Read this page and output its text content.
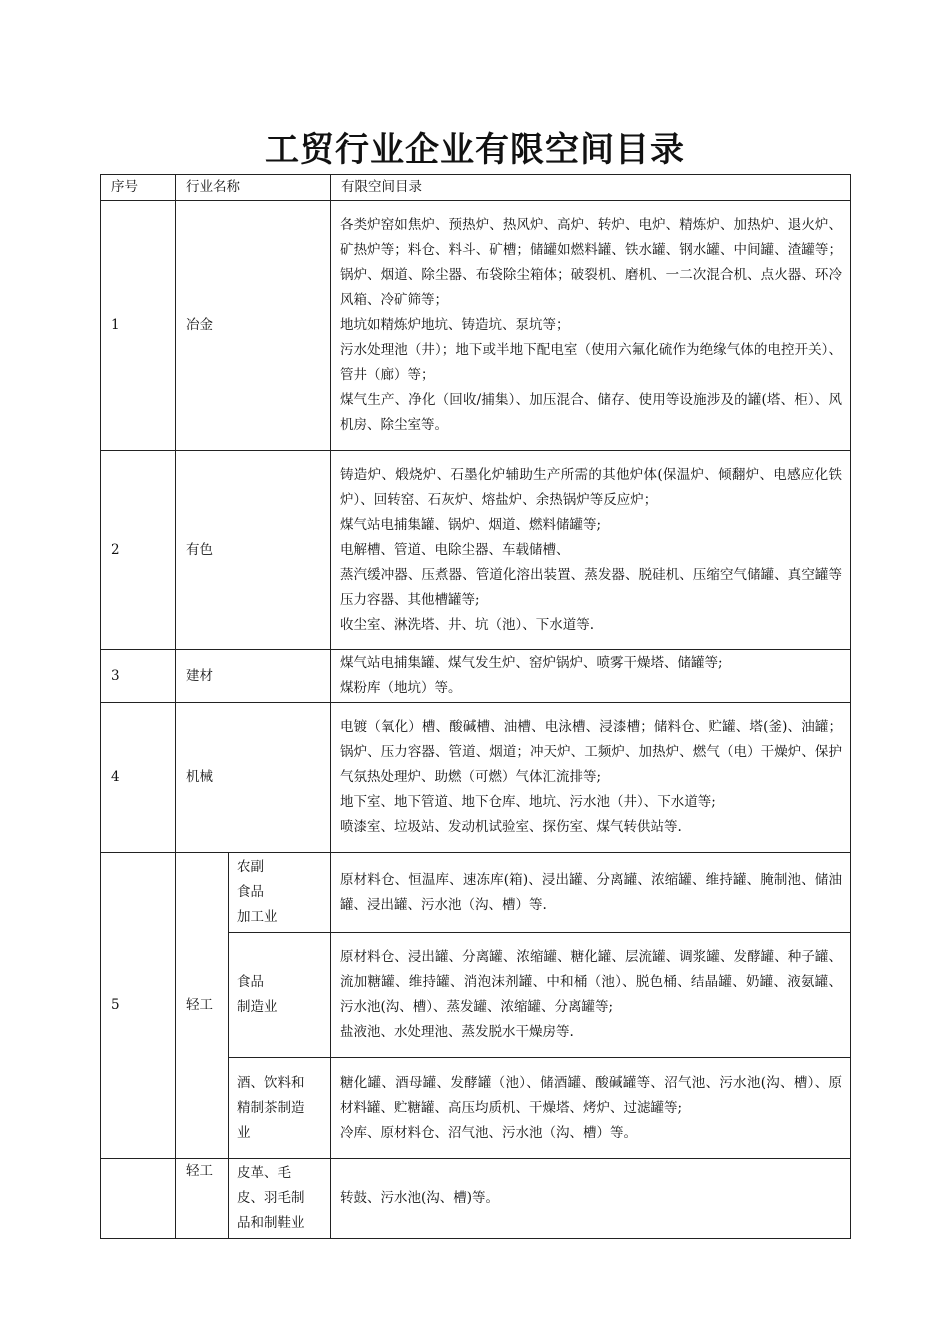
工贸行业企业有限空间目录
序号	行业名称		有限空间目录
1	冶金		各类炉窑如焦炉、预热炉、热风炉、高炉、转炉、电炉、精炼炉、加热炉、退火炉、矿热炉等；料仓、料斗、矿槽；储罐如燃料罐、铁水罐、钢水罐、中间罐、渣罐等；锅炉、烟道、除尘器、布袋除尘箱体；破裂机、磨机、一二次混合机、点火器、环冷风箱、冷矿筛等；
地坑如精炼炉地坑、铸造坑、泵坑等；
污水处理池（井）；地下或半地下配电室（使用六氟化硫作为绝缘气体的电控开关）、管井（廊）等；
煤气生产、净化（回收/捕集）、加压混合、储存、使用等设施涉及的罐(塔、柜）、风机房、除尘室等。

2	有色		铸造炉、煅烧炉、石墨化炉辅助生产所需的其他炉体(保温炉、倾翻炉、电感应化铁炉）、回转窑、石灰炉、熔盐炉、余热锅炉等反应炉；
煤气站电捕集罐、锅炉、烟道、燃料储罐等;
电解槽、管道、电除尘器、车载储槽、
蒸汽缓冲器、压煮器、管道化溶出装置、蒸发器、脱硅机、压缩空气储罐、真空罐等压力容器、其他槽罐等;
收尘室、淋洗塔、井、坑（池）、下水道等.

3	建材		煤气站电捕集罐、煤气发生炉、窑炉锅炉、喷雾干燥塔、储罐等;
煤粉库（地坑）等。

4	机械		电镀（氧化）槽、酸碱槽、油槽、电泳槽、浸漆槽；储料仓、贮罐、塔(釜)、油罐；锅炉、压力容器、管道、烟道；冲天炉、工频炉、加热炉、燃气（电）干燥炉、保护气氛热处理炉、助燃（可燃）气体汇流排等;
地下室、地下管道、地下仓库、地坑、污水池（井）、下水道等;
喷漆室、垃圾站、发动机试验室、探伤室、煤气转供站等.

5	轻工	农副
食品
加工业	原材料仓、恒温库、速冻库(箱)、浸出罐、分离罐、浓缩罐、维持罐、腌制池、储油罐、浸出罐、污水池（沟、槽）等.

		食品
制造业	原材料仓、浸出罐、分离罐、浓缩罐、糖化罐、层流罐、调浆罐、发酵罐、种子罐、流加糖罐、维持罐、消泡沫剂罐、中和桶（池）、脱色桶、结晶罐、奶罐、液氨罐、污水池(沟、槽）、蒸发罐、浓缩罐、分离罐等;
盐液池、水处理池、蒸发脱水干燥房等.

		酒、饮料和
精制茶制造
业	糖化罐、酒母罐、发酵罐（池）、储酒罐、酸碱罐等、沼气池、污水池(沟、槽）、原材料罐、贮糖罐、高压均质机、干燥塔、烤炉、过滤罐等;
冷库、原材料仓、沼气池、污水池（沟、槽）等。

	轻工	皮革、毛
皮、羽毛制
品和制鞋业	转鼓、污水池(沟、槽)等。
